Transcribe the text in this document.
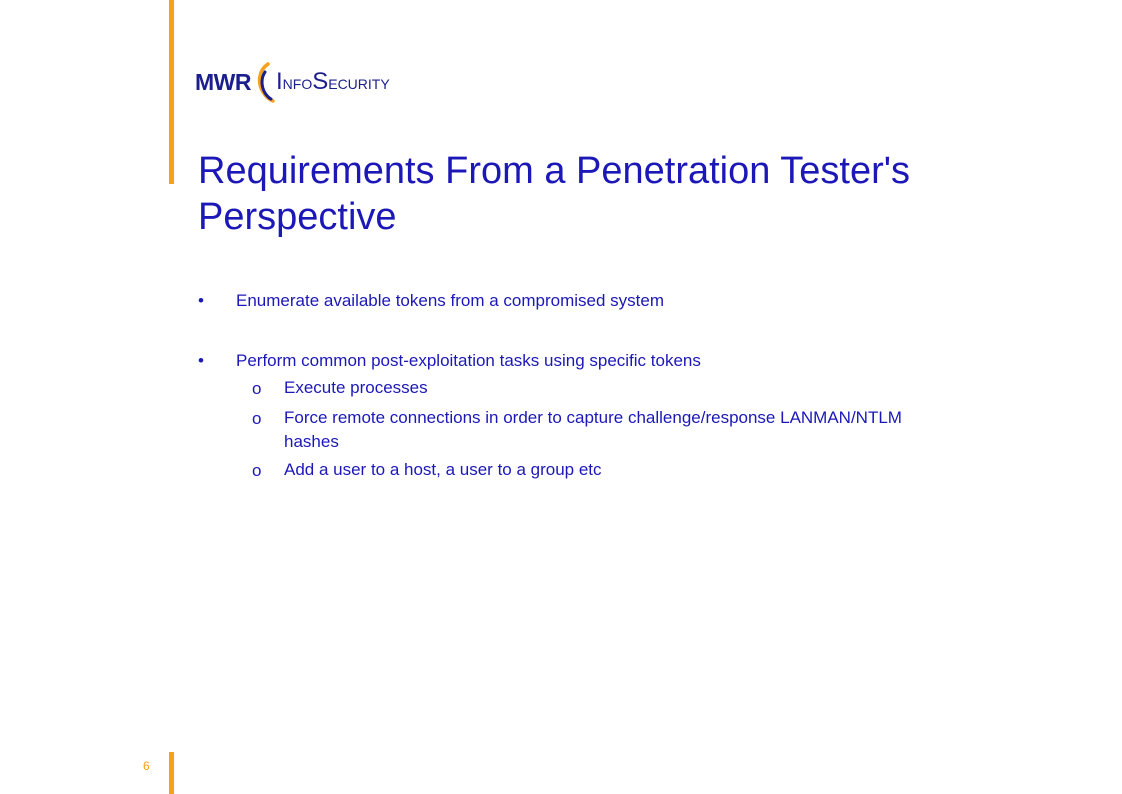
MWR InfoSecurity
Requirements From a Penetration Tester's Perspective
•	Enumerate available tokens from a compromised system
•	Perform common post-exploitation tasks using specific tokens
o	Execute processes
o	Force remote connections in order to capture challenge/response LANMAN/NTLM hashes
o	Add a user to a host, a user to a group etc
6
